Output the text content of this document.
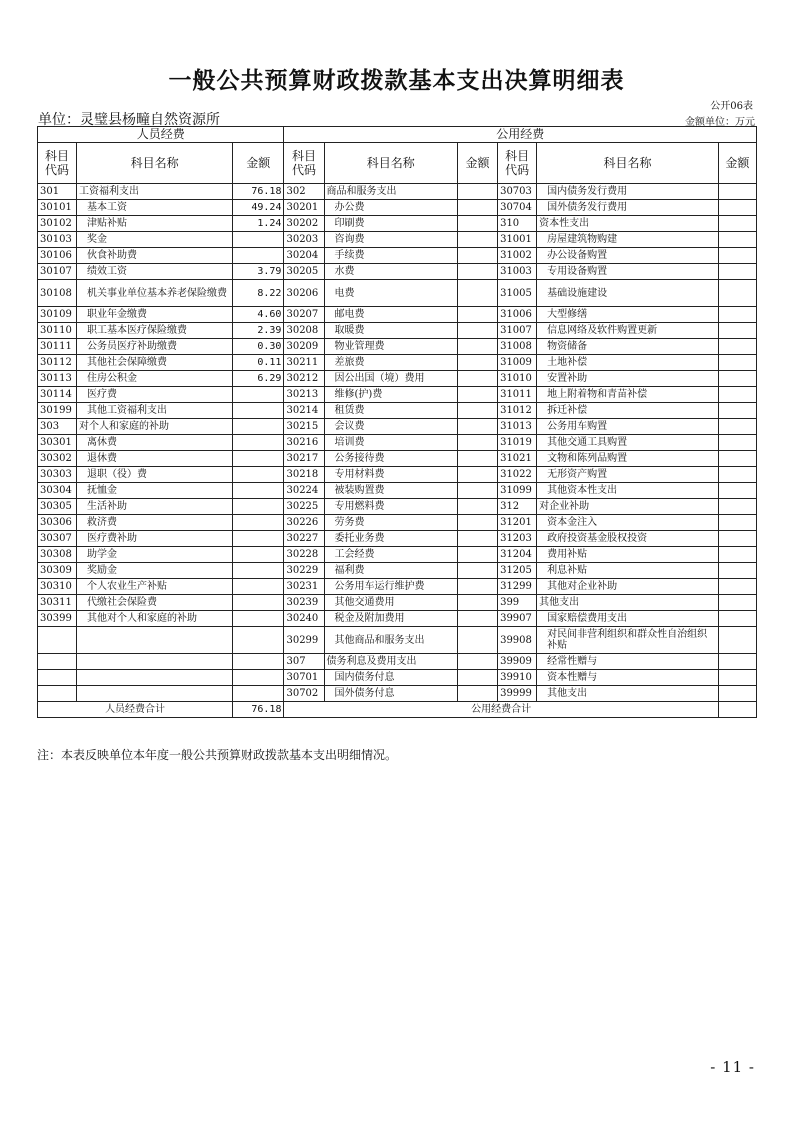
一般公共预算财政拨款基本支出决算明细表
公开06表
单位：灵璧县杨疃自然资源所	金额单位：万元
人员经费			公用经费					
科目代码	科目名称	金额	科目代码	科目名称	金额	科目代码	科目名称	金额
301	工资福利支出	76.18	302	商品和服务支出		30703	国内债务发行费用	
30101	基本工资	49.24	30201	办公费		30704	国外债务发行费用	
30102	津贴补贴	1.24	30202	印刷费		310	资本性支出	
30103	奖金		30203	咨询费		31001	房屋建筑物购建	
30106	伙食补助费		30204	手续费		31002	办公设备购置	
30107	绩效工资	3.79	30205	水费		31003	专用设备购置	
30108	机关事业单位基本养老保险缴费	8.22	30206	电费		31005	基础设施建设	
30109	职业年金缴费	4.60	30207	邮电费		31006	大型修缮	
30110	职工基本医疗保险缴费	2.39	30208	取暖费		31007	信息网络及软件购置更新	
30111	公务员医疗补助缴费	0.30	30209	物业管理费		31008	物资储备	
30112	其他社会保障缴费	0.11	30211	差旅费		31009	土地补偿	
30113	住房公积金	6.29	30212	因公出国（境）费用		31010	安置补助	
30114	医疗费		30213	维修(护)费		31011	地上附着物和青苗补偿	
30199	其他工资福利支出		30214	租赁费		31012	拆迁补偿	
303	对个人和家庭的补助		30215	会议费		31013	公务用车购置	
30301	离休费		30216	培训费		31019	其他交通工具购置	
30302	退休费		30217	公务接待费		31021	文物和陈列品购置	
30303	退职（役）费		30218	专用材料费		31022	无形资产购置	
30304	抚恤金		30224	被装购置费		31099	其他资本性支出	
30305	生活补助		30225	专用燃料费		312	对企业补助	
30306	救济费		30226	劳务费		31201	资本金注入	
30307	医疗费补助		30227	委托业务费		31203	政府投资基金股权投资	
30308	助学金		30228	工会经费		31204	费用补贴	
30309	奖励金		30229	福利费		31205	利息补贴	
30310	个人农业生产补贴		30231	公务用车运行维护费		31299	其他对企业补助	
30311	代缴社会保险费		30239	其他交通费用		399	其他支出	
30399	其他对个人和家庭的补助		30240	税金及附加费用		39907	国家赔偿费用支出	
			30299	其他商品和服务支出		39908	对民间非营利组织和群众性自治组织补贴	
			307	债务利息及费用支出		39909	经常性赠与	
			30701	国内债务付息		39910	资本性赠与	
			30702	国外债务付息		39999	其他支出	
人员经费合计		76.18	公用经费合计					
注：本表反映单位本年度一般公共预算财政拨款基本支出明细情况。
- 11 -
